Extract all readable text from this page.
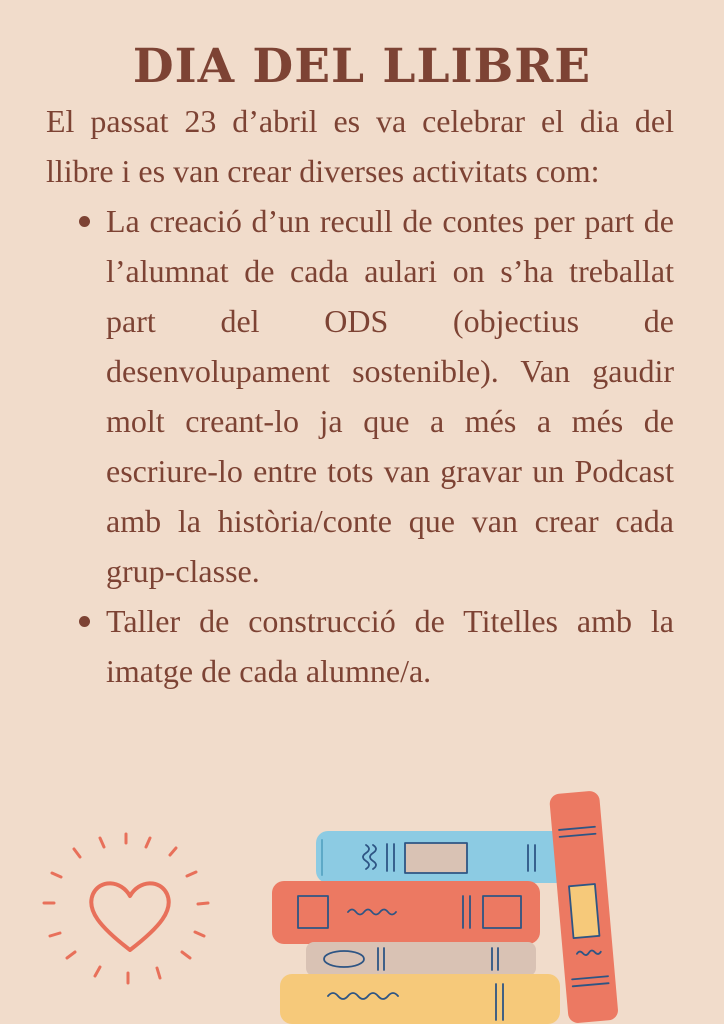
DIA DEL LLIBRE

El passat 23 d’abril es va celebrar el dia del llibre i es van crear diverses activitats com:

La creació d’un recull de contes per part de l’alumnat de cada aulari on s’ha treballat part del ODS (objectius de desenvolupament sostenible). Van gaudir molt creant-lo ja que a més a més de escriure-lo entre tots van gravar un Podcast amb la història/conte que van crear cada grup-classe.
Taller de construcció de Titelles amb la imatge de cada alumne/a.
